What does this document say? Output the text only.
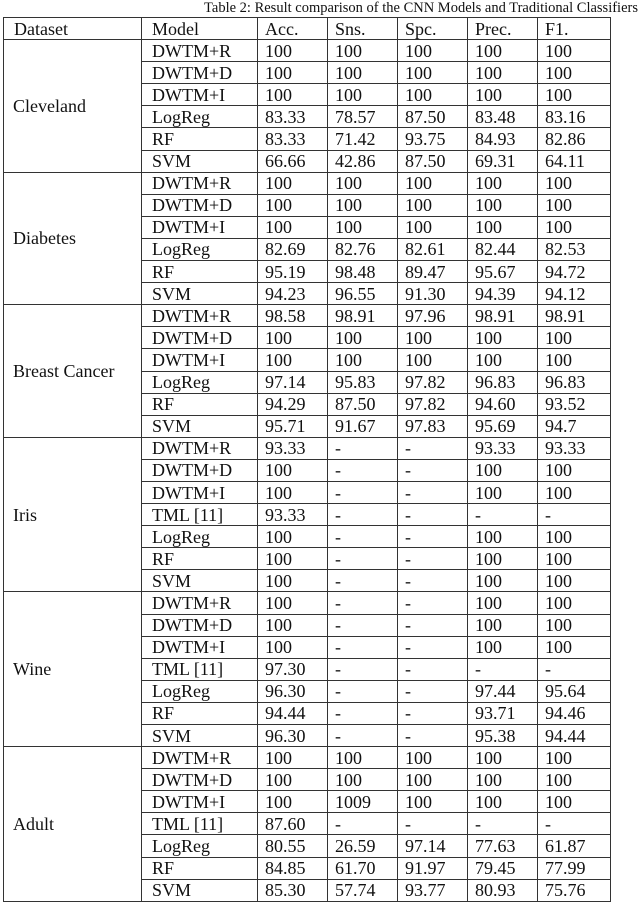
Table 2: Result comparison of the CNN Models and Traditional Classifiers
Dataset	Model	Acc.	Sns.	Spc.	Prec.	F1.
Cleveland	DWTM+R	100	100	100	100	100
	DWTM+D	100	100	100	100	100
	DWTM+I	100	100	100	100	100
	LogReg	83.33	78.57	87.50	83.48	83.16
	RF	83.33	71.42	93.75	84.93	82.86
	SVM	66.66	42.86	87.50	69.31	64.11
Diabetes	DWTM+R	100	100	100	100	100
	DWTM+D	100	100	100	100	100
	DWTM+I	100	100	100	100	100
	LogReg	82.69	82.76	82.61	82.44	82.53
	RF	95.19	98.48	89.47	95.67	94.72
	SVM	94.23	96.55	91.30	94.39	94.12
Breast Cancer	DWTM+R	98.58	98.91	97.96	98.91	98.91
	DWTM+D	100	100	100	100	100
	DWTM+I	100	100	100	100	100
	LogReg	97.14	95.83	97.82	96.83	96.83
	RF	94.29	87.50	97.82	94.60	93.52
	SVM	95.71	91.67	97.83	95.69	94.7
Iris	DWTM+R	93.33	-	-	93.33	93.33
	DWTM+D	100	-	-	100	100
	DWTM+I	100	-	-	100	100
	TML [11]	93.33	-	-	-	-
	LogReg	100	-	-	100	100
	RF	100	-	-	100	100
	SVM	100	-	-	100	100
Wine	DWTM+R	100	-	-	100	100
	DWTM+D	100	-	-	100	100
	DWTM+I	100	-	-	100	100
	TML [11]	97.30	-	-	-	-
	LogReg	96.30	-	-	97.44	95.64
	RF	94.44	-	-	93.71	94.46
	SVM	96.30	-	-	95.38	94.44
Adult	DWTM+R	100	100	100	100	100
	DWTM+D	100	100	100	100	100
	DWTM+I	100	1009	100	100	100
	TML [11]	87.60	-	-	-	-
	LogReg	80.55	26.59	97.14	77.63	61.87
	RF	84.85	61.70	91.97	79.45	77.99
	SVM	85.30	57.74	93.77	80.93	75.76
